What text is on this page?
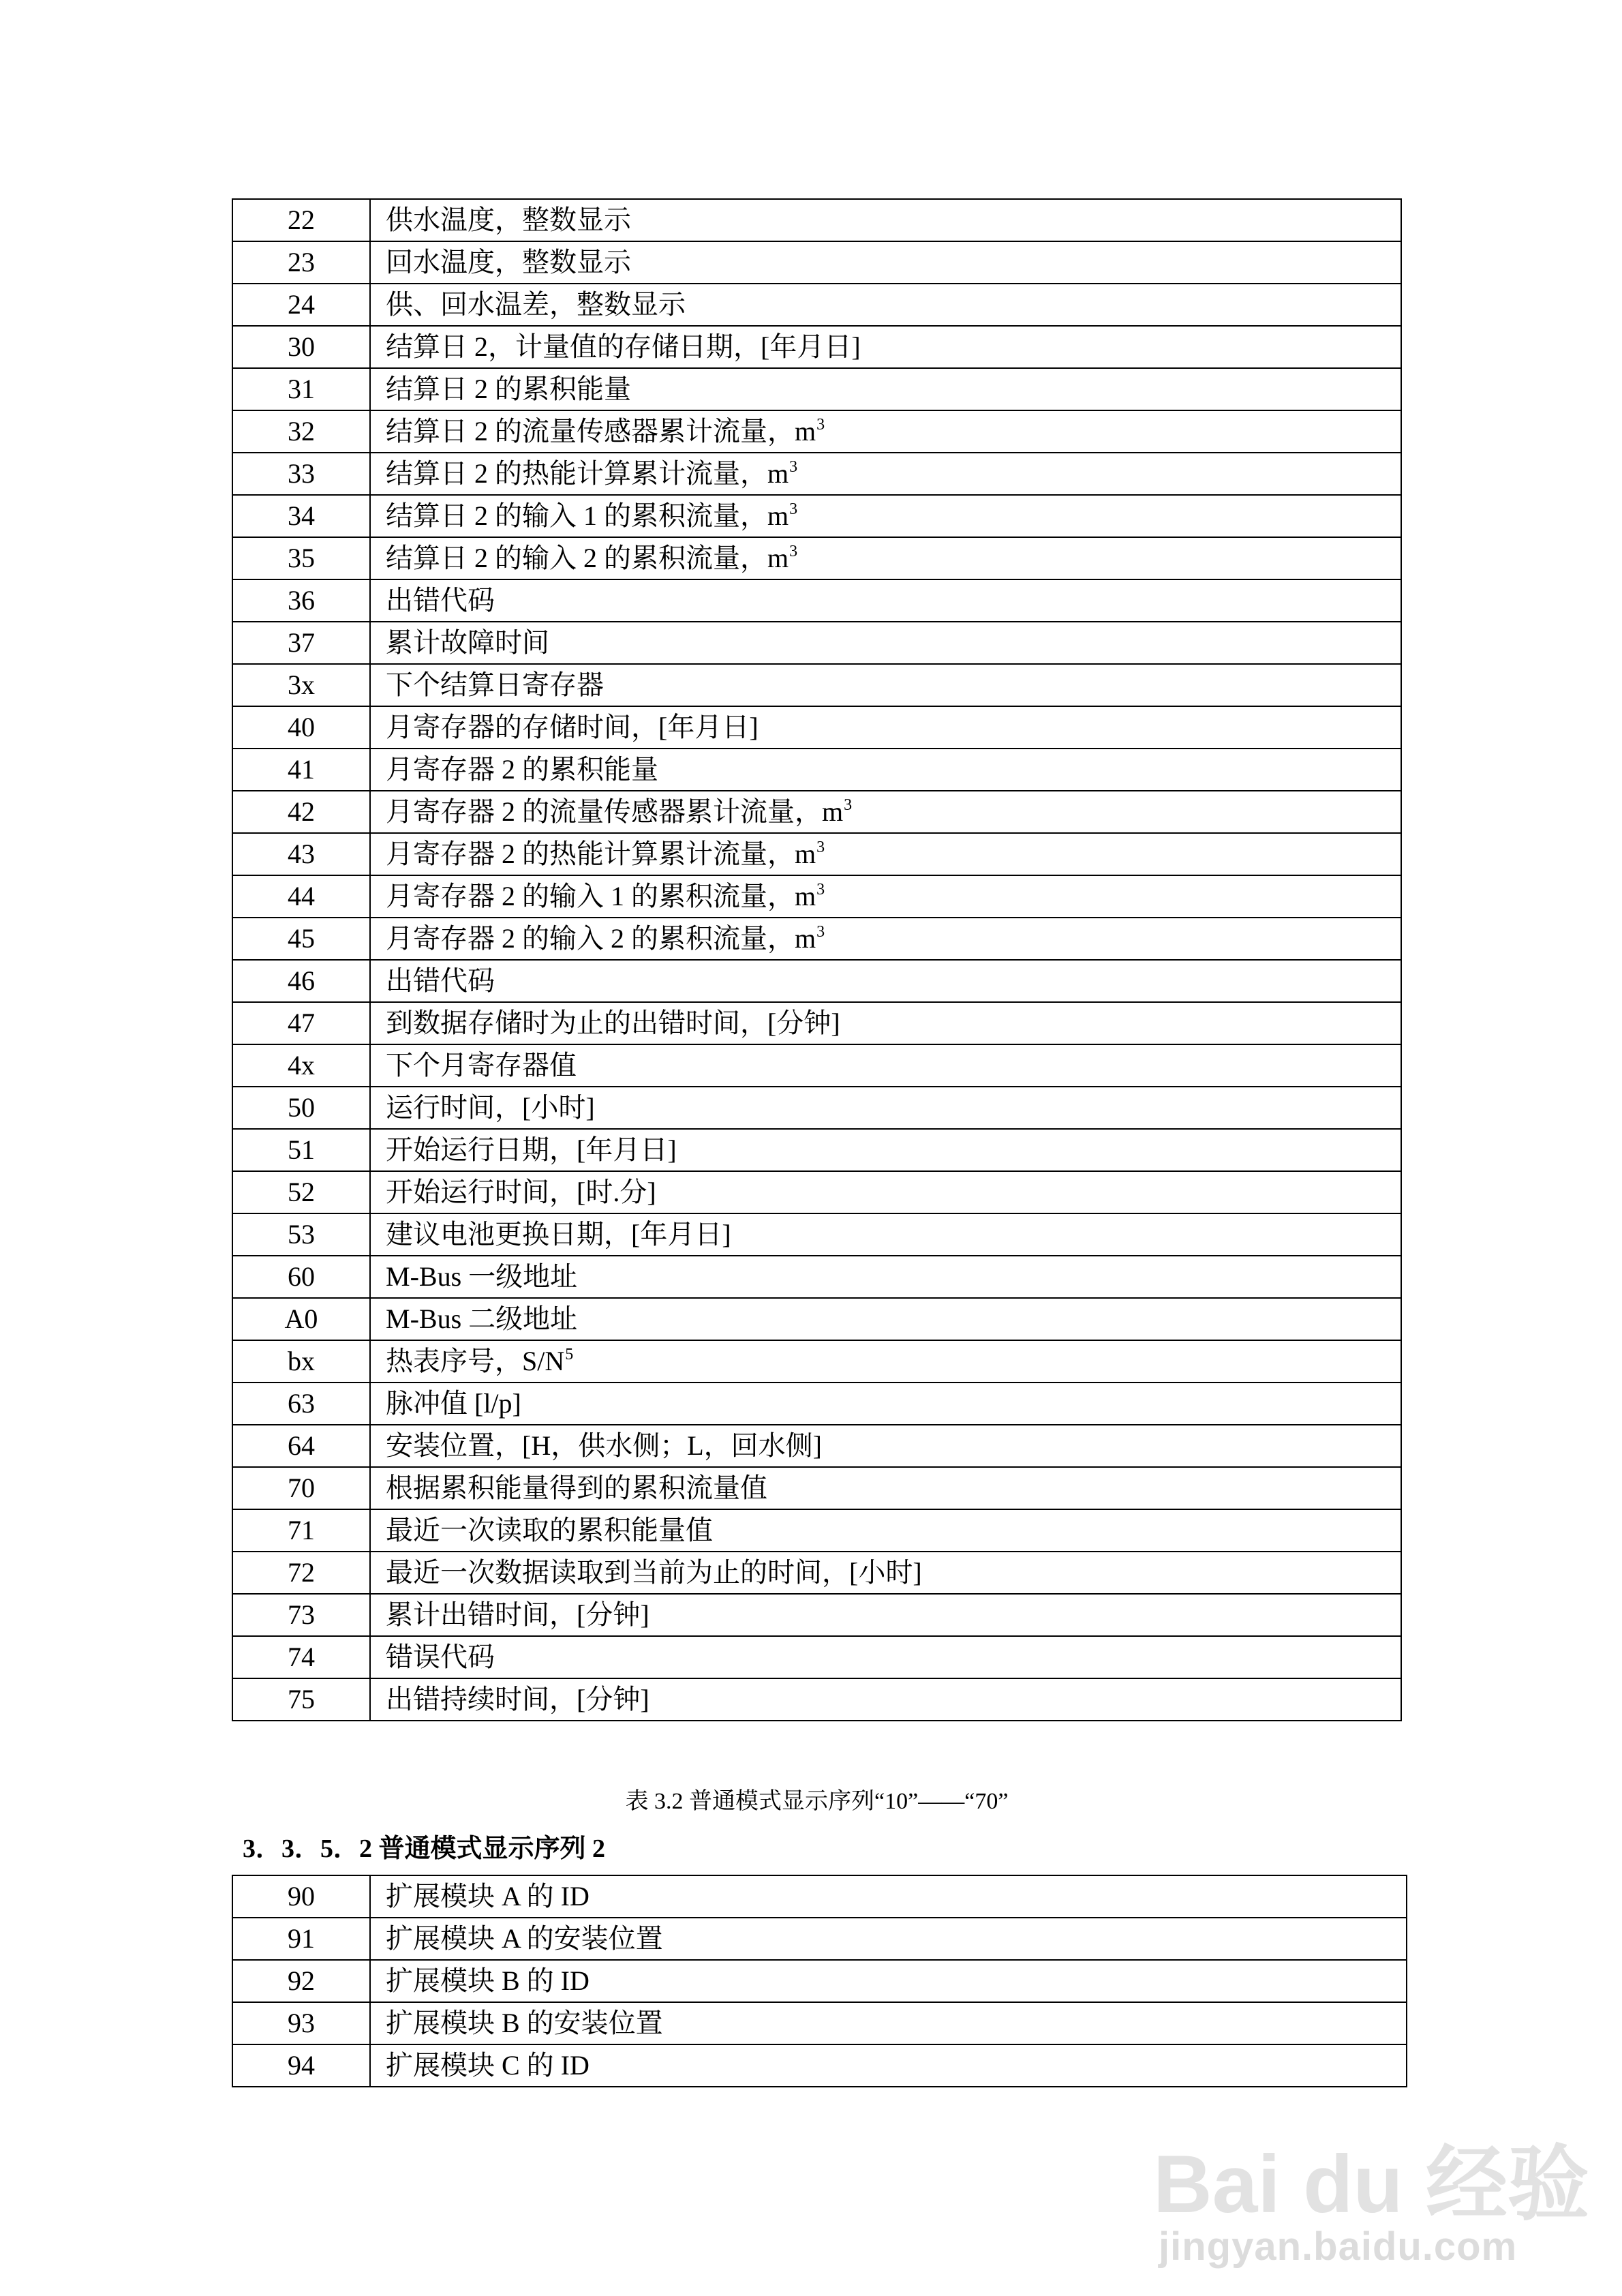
22	供水温度，整数显示
23	回水温度，整数显示
24	供、回水温差，整数显示
30	结算日 2，计量值的存储日期，[年月日]
31	结算日 2 的累积能量
32	结算日 2 的流量传感器累计流量，$m^3$
33	结算日 2 的热能计算累计流量，$m^3$
34	结算日 2 的输入 1 的累积流量，$m^3$
35	结算日 2 的输入 2 的累积流量，$m^3$
36	出错代码
37	累计故障时间
3x	下个结算日寄存器
40	月寄存器的存储时间，[年月日]
41	月寄存器 2 的累积能量
42	月寄存器 2 的流量传感器累计流量，$m^3$
43	月寄存器 2 的热能计算累计流量，$m^3$
44	月寄存器 2 的输入 1 的累积流量，$m^3$
45	月寄存器 2 的输入 2 的累积流量，$m^3$
46	出错代码
47	到数据存储时为止的出错时间，[分钟]
4x	下个月寄存器值
50	运行时间，[小时]
51	开始运行日期，[年月日]
52	开始运行时间，[时.分]
53	建议电池更换日期，[年月日]
60	M-Bus 一级地址
A0	M-Bus 二级地址
bx	热表序号，$S/N^5$
63	脉冲值 [l/p]
64	安装位置，[H，供水侧；L，回水侧]
70	根据累积能量得到的累积流量值
71	最近一次读取的累积能量值
72	最近一次数据读取到当前为止的时间，[小时]
73	累计出错时间，[分钟]
74	错误代码
75	出错持续时间，[分钟]
表 3.2 普通模式显示序列“10”——“70”
3．3．5．2 普通模式显示序列 2
90	扩展模块 A 的 ID
91	扩展模块 A 的安装位置
92	扩展模块 B 的 ID
93	扩展模块 B 的安装位置
94	扩展模块 C 的 ID
Bai du 经验
jingyan.baidu.com
